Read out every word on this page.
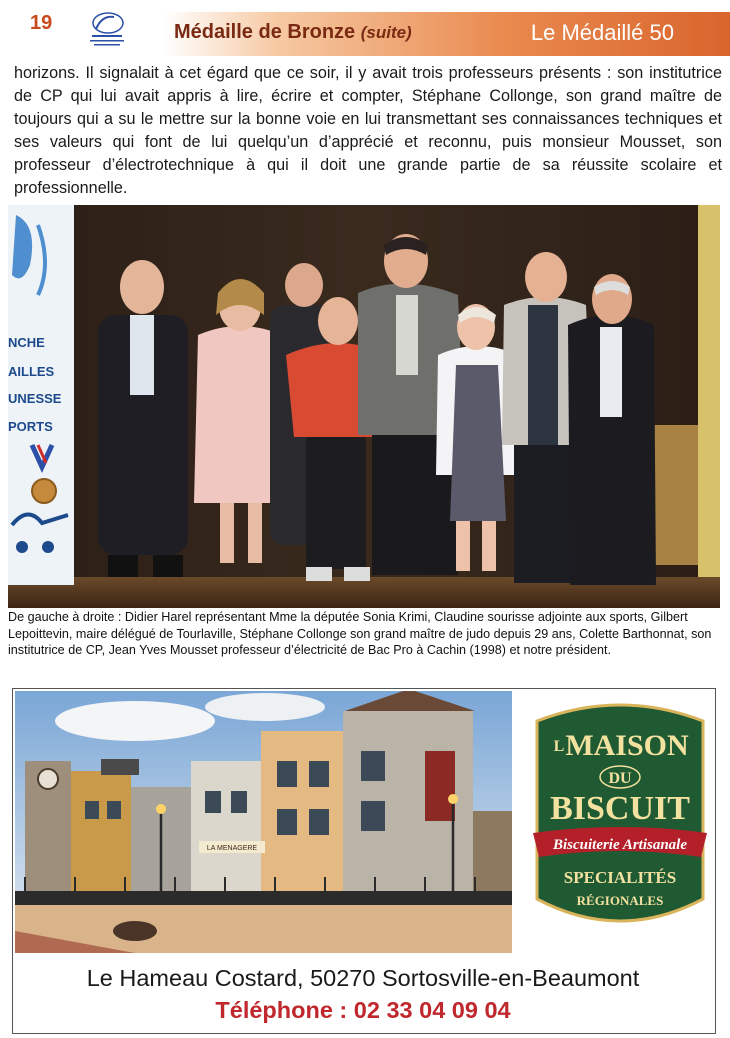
19	Médaille de Bronze (suite)	Le Médaillé 50

horizons. Il signalait à cet égard que ce soir, il y avait trois professeurs présents : son institutrice de CP qui lui avait appris à lire, écrire et compter, Stéphane Collonge, son grand maître de toujours qui a su le mettre sur la bonne voie en lui transmettant ses connaissances techniques et ses valeurs qui font de lui quelqu’un d’apprécié et reconnu, puis monsieur Mousset, son professeur d’électrotechnique à qui il doit une grande partie de sa réussite scolaire et professionnelle.

NCHE
AILLES
UNESSE
PORTS

De gauche à droite : Didier Harel représentant Mme la députée Sonia Krimi, Claudine sourisse adjointe aux sports, Gilbert Lepoittevin, maire délégué de Tourlaville, Stéphane Collonge son grand maître de judo depuis 29 ans, Colette Barthonnat, son institutrice de CP, Jean Yves Mousset professeur d’électricité de Bac Pro à Cachin (1998) et notre président.

LA MENAGERE
L MAISON
DU
BISCUIT
Biscuiterie Artisanale
SPECIALITÉS
RÉGIONALES
Le Hameau Costard, 50270 Sortosville-en-Beaumont
Téléphone : 02 33 04 09 04
